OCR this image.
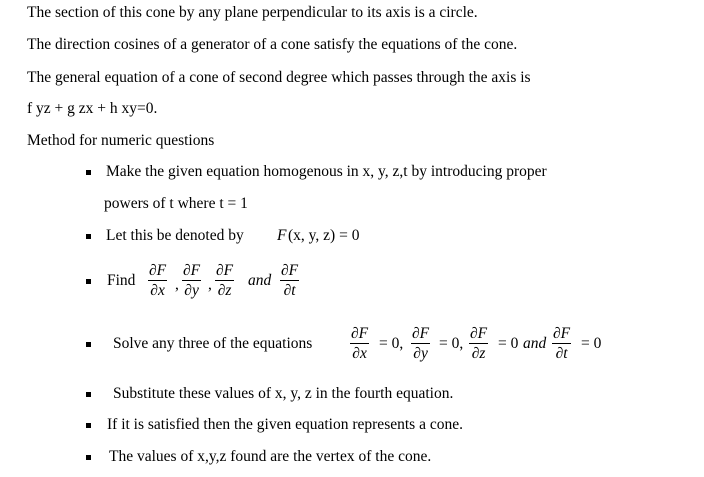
The section of this cone by any plane perpendicular to its axis is a circle.
The direction cosines of a generator of a cone satisfy the equations of the cone.
The general equation of a cone of second degree which passes through the axis is
f yz + g zx + h xy=0.
Method for numeric questions
Make the given equation homogenous in x, y, z,t by introducing proper
powers of t where t = 1
Let this be denoted by F (x, y, z) = 0
Find $\frac{\partial F}{\partial x}$ , $\frac{\partial F}{\partial y}$ , $\frac{\partial F}{\partial z}$ and $\frac{\partial F}{\partial t}$
Solve any three of the equations $\frac{\partial F}{\partial x} = 0$, $\frac{\partial F}{\partial y} = 0$, $\frac{\partial F}{\partial z} = 0$ and $\frac{\partial F}{\partial t} = 0$
Substitute these values of x, y, z in the fourth equation.
If it is satisfied then the given equation represents a cone.
The values of x,y,z found are the vertex of the cone.
